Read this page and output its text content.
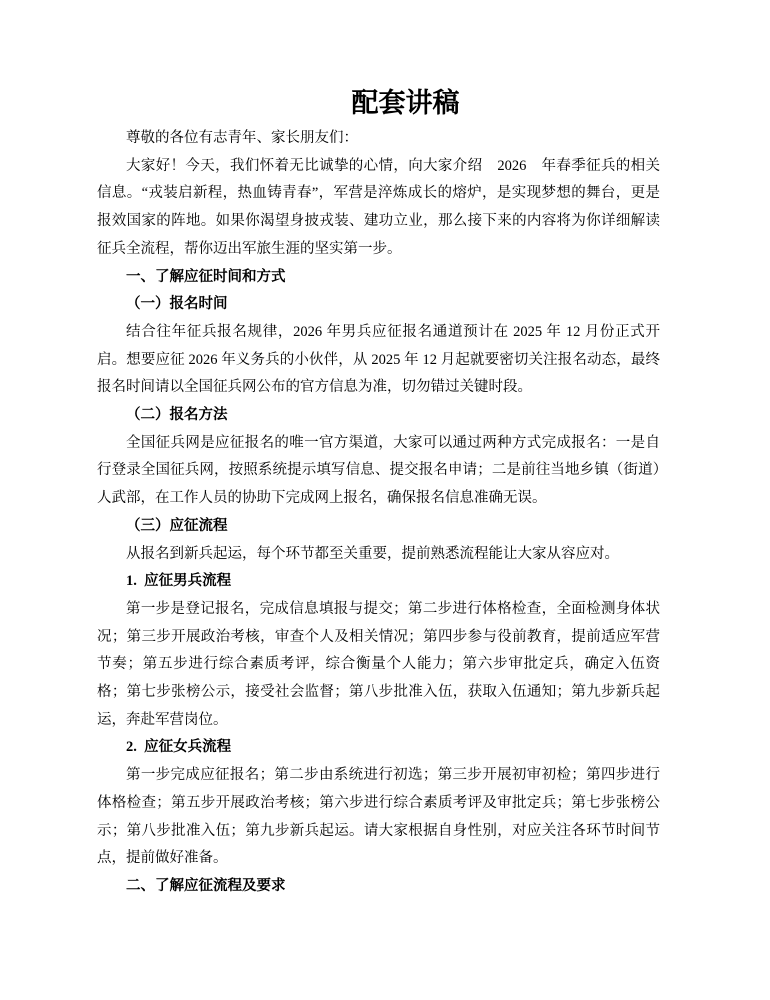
配套讲稿

尊敬的各位有志青年、家长朋友们：

大家好！今天，我们怀着无比诚挚的心情，向大家介绍　2026　年春季征兵的相关信息。“戎装启新程，热血铸青春”，军营是淬炼成长的熔炉，是实现梦想的舞台，更是报效国家的阵地。如果你渴望身披戎装、建功立业，那么接下来的内容将为你详细解读征兵全流程，帮你迈出军旅生涯的坚实第一步。

一、了解应征时间和方式

（一）报名时间

结合往年征兵报名规律，2026 年男兵应征报名通道预计在 2025 年 12 月份正式开启。想要应征 2026 年义务兵的小伙伴，从 2025 年 12 月起就要密切关注报名动态，最终报名时间请以全国征兵网公布的官方信息为准，切勿错过关键时段。

（二）报名方法

全国征兵网是应征报名的唯一官方渠道，大家可以通过两种方式完成报名：一是自行登录全国征兵网，按照系统提示填写信息、提交报名申请；二是前往当地乡镇（街道）人武部，在工作人员的协助下完成网上报名，确保报名信息准确无误。

（三）应征流程

从报名到新兵起运，每个环节都至关重要，提前熟悉流程能让大家从容应对。

1.  应征男兵流程

第一步是登记报名，完成信息填报与提交；第二步进行体格检查，全面检测身体状况；第三步开展政治考核，审查个人及相关情况；第四步参与役前教育，提前适应军营节奏；第五步进行综合素质考评，综合衡量个人能力；第六步审批定兵，确定入伍资格；第七步张榜公示，接受社会监督；第八步批准入伍，获取入伍通知；第九步新兵起运，奔赴军营岗位。

2.  应征女兵流程

第一步完成应征报名；第二步由系统进行初选；第三步开展初审初检；第四步进行体格检查；第五步开展政治考核；第六步进行综合素质考评及审批定兵；第七步张榜公示；第八步批准入伍；第九步新兵起运。请大家根据自身性别，对应关注各环节时间节点，提前做好准备。

二、了解应征流程及要求
